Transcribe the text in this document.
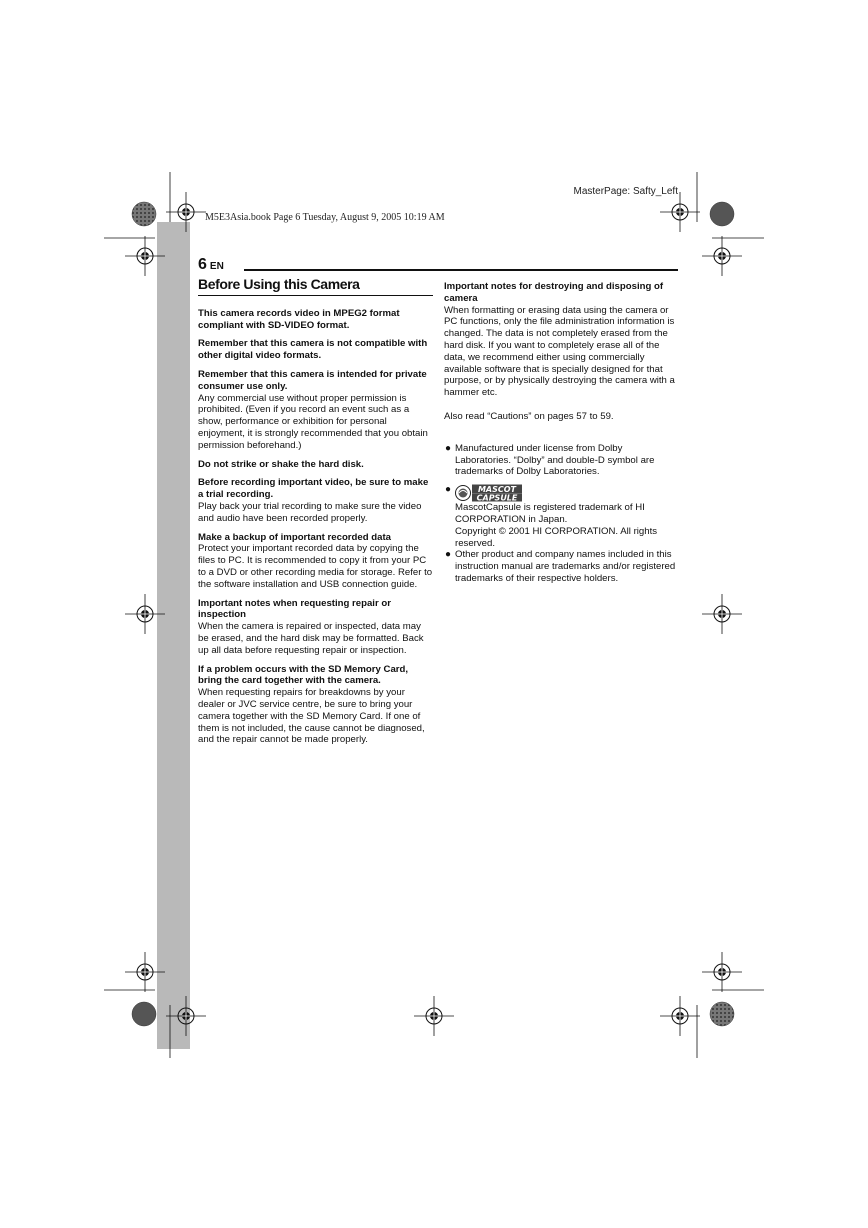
MasterPage: Safty_Left
M5E3Asia.book Page 6 Tuesday, August 9, 2005 10:19 AM
6 EN
Before Using this Camera
This camera records video in MPEG2 format compliant with SD-VIDEO format.
Remember that this camera is not compatible with other digital video formats.
Remember that this camera is intended for private consumer use only.
Any commercial use without proper permission is prohibited. (Even if you record an event such as a show, performance or exhibition for personal enjoyment, it is strongly recommended that you obtain permission beforehand.)
Do not strike or shake the hard disk.
Before recording important video, be sure to make a trial recording.
Play back your trial recording to make sure the video and audio have been recorded properly.
Make a backup of important recorded data
Protect your important recorded data by copying the files to PC. It is recommended to copy it from your PC to a DVD or other recording media for storage. Refer to the software installation and USB connection guide.
Important notes when requesting repair or inspection
When the camera is repaired or inspected, data may be erased, and the hard disk may be formatted. Back up all data before requesting repair or inspection.
If a problem occurs with the SD Memory Card, bring the card together with the camera.
When requesting repairs for breakdowns by your dealer or JVC service centre, be sure to bring your camera together with the SD Memory Card. If one of them is not included, the cause cannot be diagnosed, and the repair cannot be made properly.
Important notes for destroying and disposing of camera
When formatting or erasing data using the camera or PC functions, only the file administration information is changed. The data is not completely erased from the hard disk. If you want to completely erase all of the data, we recommend either using commercially available software that is specially designed for that purpose, or by physically destroying the camera with a hammer etc.
Also read “Cautions” on pages 57 to 59.
● Manufactured under license from Dolby Laboratories. “Dolby” and double-D symbol are trademarks of Dolby Laboratories.
●	MASCOT
CAPSULE
MascotCapsule is registered trademark of HI CORPORATION in Japan.
Copyright © 2001 HI CORPORATION. All rights reserved.
● Other product and company names included in this instruction manual are trademarks and/or registered trademarks of their respective holders.
